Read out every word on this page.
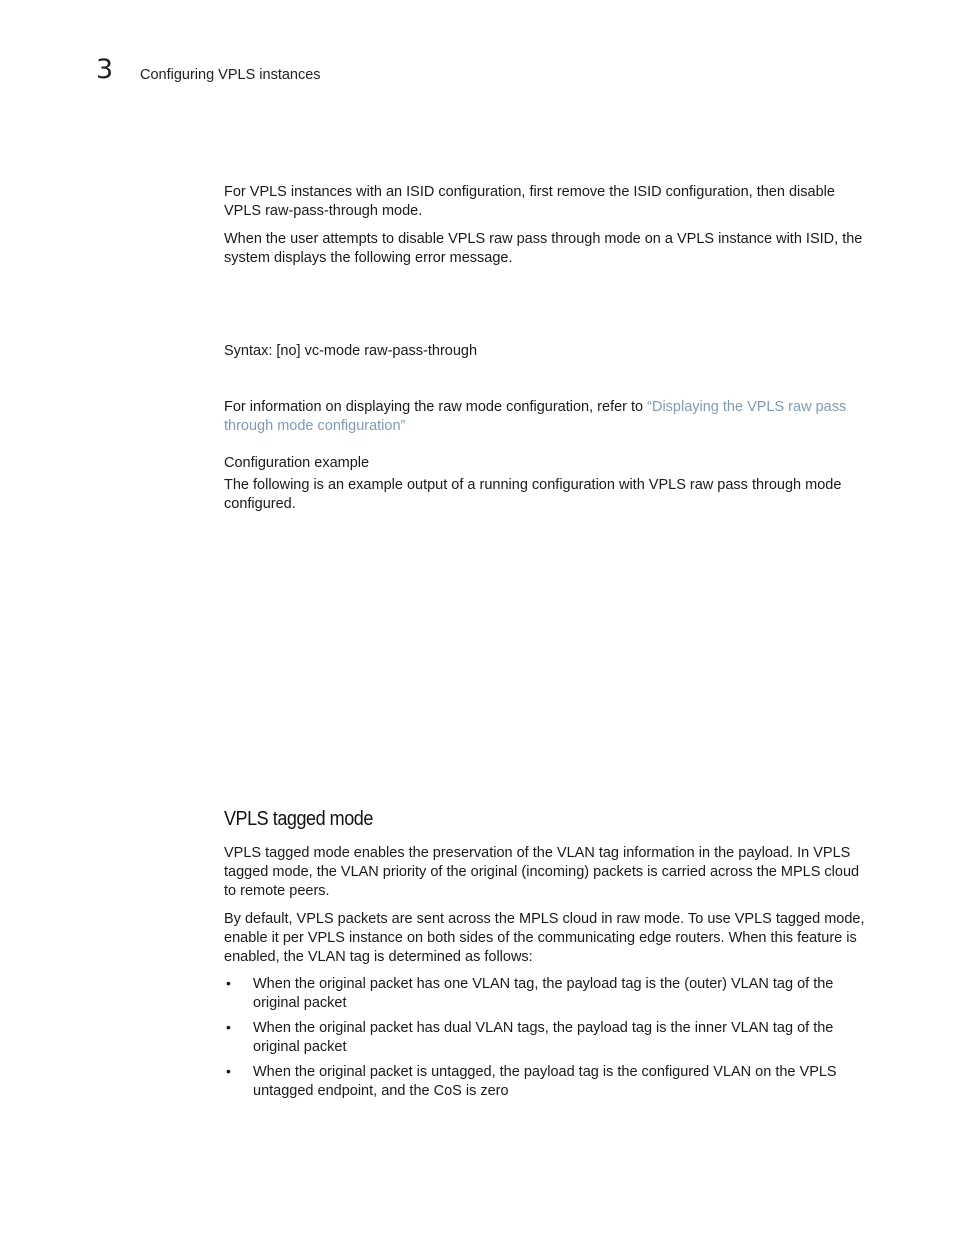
3 Configuring VPLS instances

For VPLS instances with an ISID configuration, first remove the ISID configuration, then disable VPLS raw-pass-through mode.

When the user attempts to disable VPLS raw pass through mode on a VPLS instance with ISID, the system displays the following error message.

Syntax: [no] vc-mode raw-pass-through

For information on displaying the raw mode configuration, refer to “Displaying the VPLS raw pass through mode configuration”

Configuration example

The following is an example output of a running configuration with VPLS raw pass through mode configured.

VPLS tagged mode

VPLS tagged mode enables the preservation of the VLAN tag information in the payload. In VPLS tagged mode, the VLAN priority of the original (incoming) packets is carried across the MPLS cloud to remote peers.

By default, VPLS packets are sent across the MPLS cloud in raw mode. To use VPLS tagged mode, enable it per VPLS instance on both sides of the communicating edge routers. When this feature is enabled, the VLAN tag is determined as follows:

• When the original packet has one VLAN tag, the payload tag is the (outer) VLAN tag of the original packet
• When the original packet has dual VLAN tags, the payload tag is the inner VLAN tag of the original packet
• When the original packet is untagged, the payload tag is the configured VLAN on the VPLS untagged endpoint, and the CoS is zero
